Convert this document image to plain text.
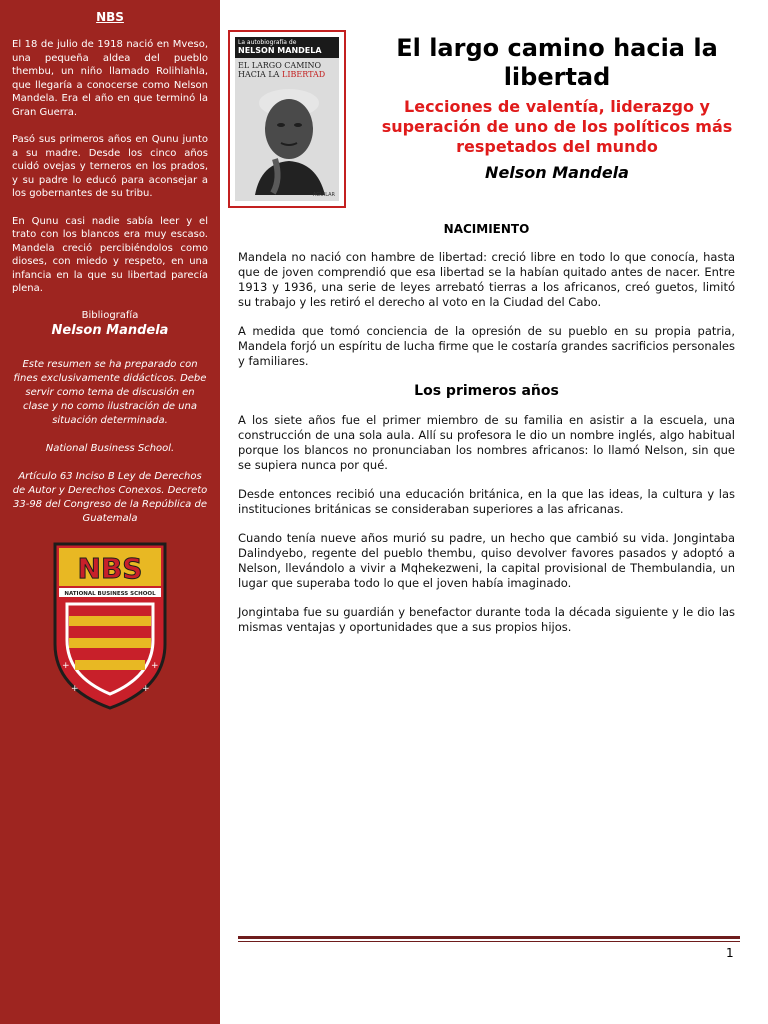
NBS

El 18 de julio de 1918 nació en Mveso, una pequeña aldea del pueblo thembu, un niño llamado Rolihlahla, que llegaría a conocerse como Nelson Mandela. Era el año en que terminó la Gran Guerra.

Pasó sus primeros años en Qunu junto a su madre. Desde los cinco años cuidó ovejas y terneros en los prados, y su padre lo educó para aconsejar a los gobernantes de su tribu.

En Qunu casi nadie sabía leer y el trato con los blancos era muy escaso. Mandela creció percibiéndolos como dioses, con miedo y respeto, en una infancia en la que su libertad parecía plena.

Bibliografía

Nelson Mandela

Este resumen se ha preparado con fines exclusivamente didácticos. Debe servir como tema de discusión en clase y no como ilustración de una situación determinada.

National Business School.

Artículo 63 Inciso B Ley de Derechos de Autor y Derechos Conexos. Decreto 33-98 del Congreso de la República de Guatemala

NBS
NATIONAL BUSINESS SCHOOL
+	+
+	+
La autobiografía de
NELSON MANDELA
EL LARGO CAMINO
HACIA LA LIBERTAD
AGUILAR
El largo camino hacia la libertad
Lecciones de valentía, liderazgo y superación de uno de los políticos más respetados del mundo
Nelson Mandela
NACIMIENTO

Mandela no nació con hambre de libertad: creció libre en todo lo que conocía, hasta que de joven comprendió que esa libertad se la habían quitado antes de nacer. Entre 1913 y 1936, una serie de leyes arrebató tierras a los africanos, creó guetos, limitó su trabajo y les retiró el derecho al voto en la Ciudad del Cabo.

A medida que tomó conciencia de la opresión de su pueblo en su propia patria, Mandela forjó un espíritu de lucha firme que le costaría grandes sacrificios personales y familiares.

Los primeros años

A los siete años fue el primer miembro de su familia en asistir a la escuela, una construcción de una sola aula. Allí su profesora le dio un nombre inglés, algo habitual porque los blancos no pronunciaban los nombres africanos: lo llamó Nelson, sin que se supiera nunca por qué.

Desde entonces recibió una educación británica, en la que las ideas, la cultura y las instituciones británicas se consideraban superiores a las africanas.

Cuando tenía nueve años murió su padre, un hecho que cambió su vida. Jongintaba Dalindyebo, regente del pueblo thembu, quiso devolver favores pasados y adoptó a Nelson, llevándolo a vivir a Mqhekezweni, la capital provisional de Thembulandia, un lugar que superaba todo lo que el joven había imaginado.

Jongintaba fue su guardián y benefactor durante toda la década siguiente y le dio las mismas ventajas y oportunidades que a sus propios hijos.

1
